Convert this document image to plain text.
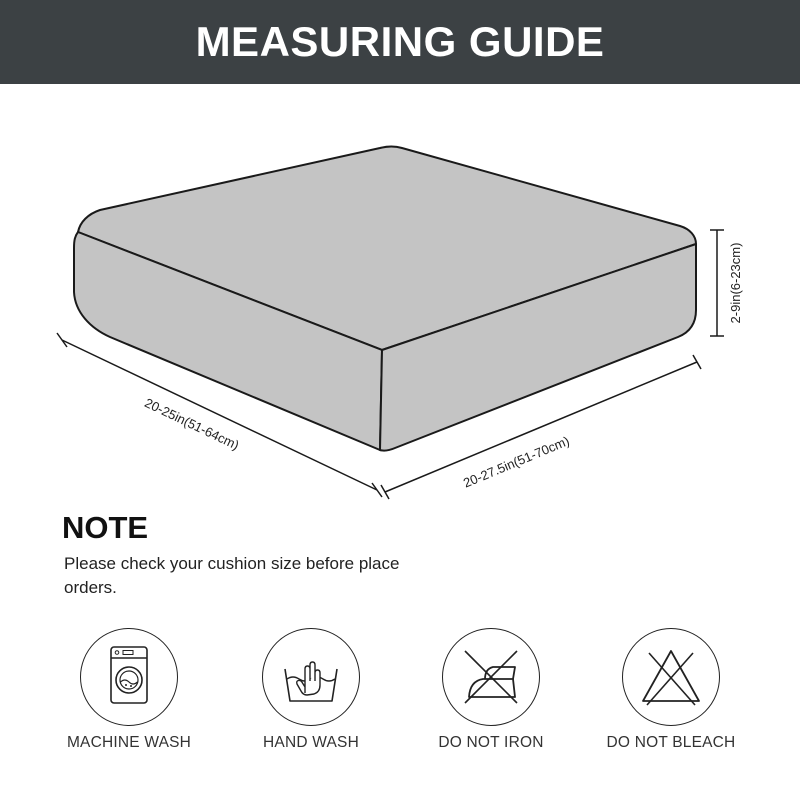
MEASURING GUIDE
20-25in(51-64cm)
20-27.5in(51-70cm)
2-9in(6-23cm)
NOTE
Please check your cushion size before place orders.
MACHINE WASH	HAND WASH	DO NOT IRON	DO NOT BLEACH
